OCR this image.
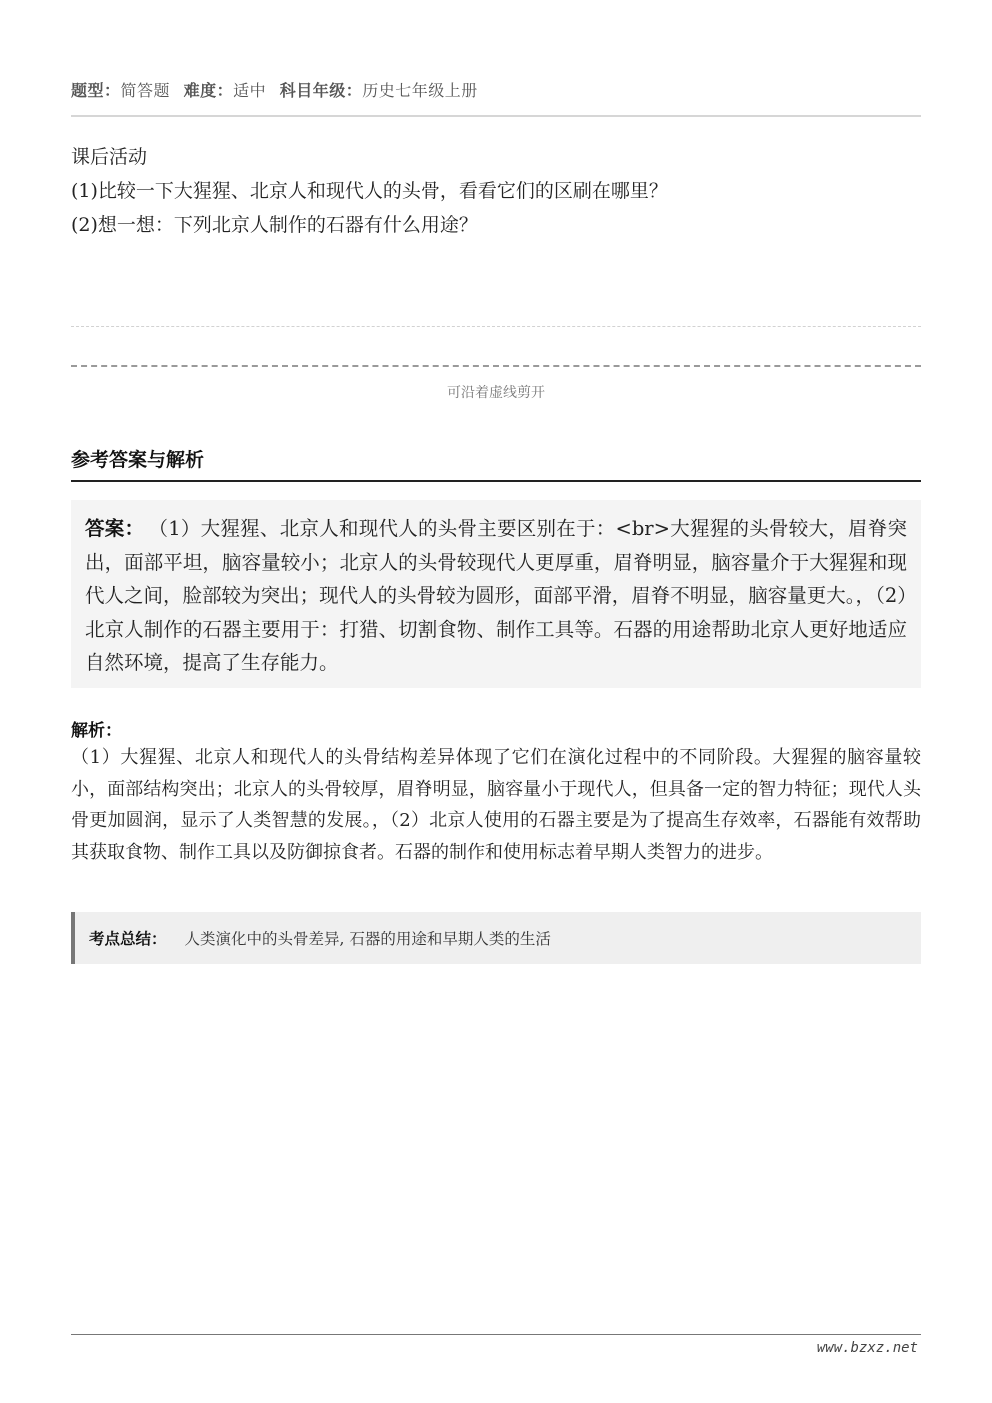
题型：简答题 难度：适中 科目年级：历史七年级上册
课后活动
(1)比较一下大猩猩、北京人和现代人的头骨，看看它们的区刷在哪里？
(2)想一想：下列北京人制作的石器有什么用途？
可沿着虚线剪开
参考答案与解析
答案： （1）大猩猩、北京人和现代人的头骨主要区别在于：<br>大猩猩的头骨较大，眉脊突出，面部平坦，脑容量较小；北京人的头骨较现代人更厚重，眉脊明显，脑容量介于大猩猩和现代人之间，脸部较为突出；现代人的头骨较为圆形，面部平滑，眉脊不明显，脑容量更大。，（2）北京人制作的石器主要用于：打猎、切割食物、制作工具等。石器的用途帮助北京人更好地适应自然环境，提高了生存能力。
解析：
（1）大猩猩、北京人和现代人的头骨结构差异体现了它们在演化过程中的不同阶段。大猩猩的脑容量较小，面部结构突出；北京人的头骨较厚，眉脊明显，脑容量小于现代人，但具备一定的智力特征；现代人头骨更加圆润，显示了人类智慧的发展。，（2）北京人使用的石器主要是为了提高生存效率，石器能有效帮助其获取食物、制作工具以及防御掠食者。石器的制作和使用标志着早期人类智力的进步。
考点总结： 人类演化中的头骨差异, 石器的用途和早期人类的生活
www.bzxz.net
